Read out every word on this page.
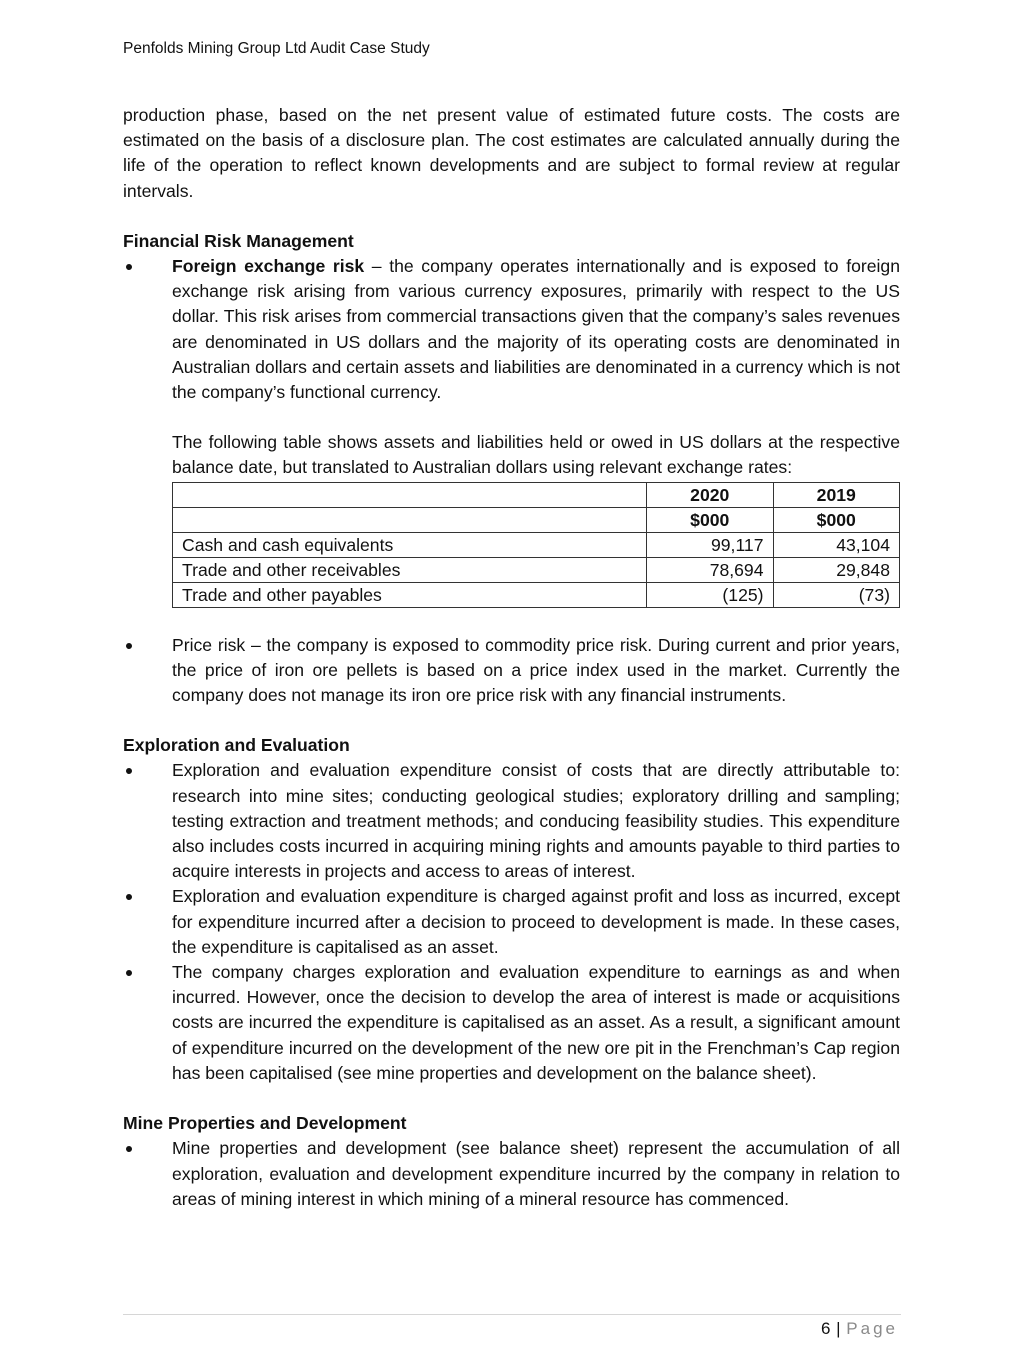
Penfolds Mining Group Ltd Audit Case Study

production phase, based on the net present value of estimated future costs. The costs are estimated on the basis of a disclosure plan. The cost estimates are calculated annually during the life of the operation to reflect known developments and are subject to formal review at regular intervals.

Financial Risk Management

Foreign exchange risk – the company operates internationally and is exposed to foreign exchange risk arising from various currency exposures, primarily with respect to the US dollar. This risk arises from commercial transactions given that the company’s sales revenues are denominated in US dollars and the majority of its operating costs are denominated in Australian dollars and certain assets and liabilities are denominated in a currency which is not the company’s functional currency.

The following table shows assets and liabilities held or owed in US dollars at the respective balance date, but translated to Australian dollars using relevant exchange rates:

	2020	2019
	$000	$000
Cash and cash equivalents	99,117	43,104
Trade and other receivables	78,694	29,848
Trade and other payables	(125)	(73)
Price risk – the company is exposed to commodity price risk. During current and prior years, the price of iron ore pellets is based on a price index used in the market. Currently the company does not manage its iron ore price risk with any financial instruments.

Exploration and Evaluation

Exploration and evaluation expenditure consist of costs that are directly attributable to: research into mine sites; conducting geological studies; exploratory drilling and sampling; testing extraction and treatment methods; and conducing feasibility studies. This expenditure also includes costs incurred in acquiring mining rights and amounts payable to third parties to acquire interests in projects and access to areas of interest.
Exploration and evaluation expenditure is charged against profit and loss as incurred, except for expenditure incurred after a decision to proceed to development is made. In these cases, the expenditure is capitalised as an asset.
The company charges exploration and evaluation expenditure to earnings as and when incurred. However, once the decision to develop the area of interest is made or acquisitions costs are incurred the expenditure is capitalised as an asset. As a result, a significant amount of expenditure incurred on the development of the new ore pit in the Frenchman’s Cap region has been capitalised (see mine properties and development on the balance sheet).

Mine Properties and Development

Mine properties and development (see balance sheet) represent the accumulation of all exploration, evaluation and development expenditure incurred by the company in relation to areas of mining interest in which mining of a mineral resource has commenced.
6 | Page
